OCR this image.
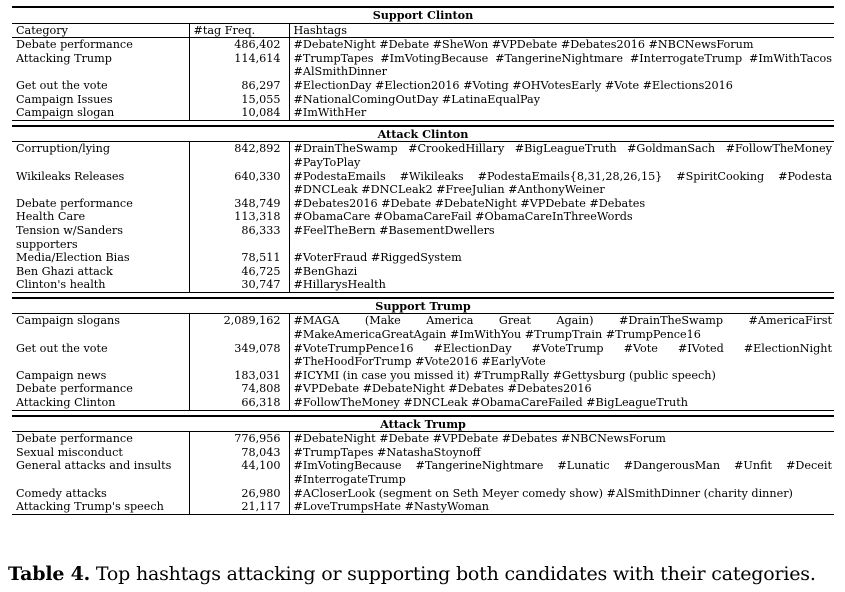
Support Clinton		
Category	#tag Freq.	Hashtags
Debate performance	486,402	#DebateNight #Debate #SheWon #VPDebate #Debates2016 #NBCNewsForum
Attacking Trump	114,614	#TrumpTapes #ImVotingBecause #TangerineNightmare #InterrogateTrump #ImWithTacos #AlSmithDinner
Get out the vote	86,297	#ElectionDay #Election2016 #Voting #OHVotesEarly #Vote #Elections2016
Campaign Issues	15,055	#NationalComingOutDay #LatinaEqualPay
Campaign slogan	10,084	#ImWithHer

Attack Clinton		
Corruption/lying	842,892	#DrainTheSwamp #CrookedHillary #BigLeagueTruth #GoldmanSach #FollowTheMoney #PayToPlay
Wikileaks Releases	640,330	#PodestaEmails #Wikileaks #PodestaEmails{8,31,28,26,15} #SpiritCooking #Podesta #DNCLeak #DNCLeak2 #FreeJulian #AnthonyWeiner
Debate performance	348,749	#Debates2016 #Debate #DebateNight #VPDebate #Debates
Health Care	113,318	#ObamaCare #ObamaCareFail #ObamaCareInThreeWords
Tension w/Sanders supporters	86,333	#FeelTheBern #BasementDwellers
Media/Election Bias	78,511	#VoterFraud #RiggedSystem
Ben Ghazi attack	46,725	#BenGhazi
Clinton's health	30,747	#HillarysHealth

Support Trump		
Campaign slogans	2,089,162	#MAGA (Make America Great Again) #DrainTheSwamp #AmericaFirst #MakeAmericaGreatAgain #ImWithYou #TrumpTrain #TrumpPence16
Get out the vote	349,078	#VoteTrumpPence16 #ElectionDay #VoteTrump #Vote #IVoted #ElectionNight #TheHoodForTrump #Vote2016 #EarlyVote
Campaign news	183,031	#ICYMI (in case you missed it) #TrumpRally #Gettysburg (public speech)
Debate performance	74,808	#VPDebate #DebateNight #Debates #Debates2016
Attacking Clinton	66,318	#FollowTheMoney #DNCLeak #ObamaCareFailed #BigLeagueTruth

Attack Trump		
Debate performance	776,956	#DebateNight #Debate #VPDebate #Debates #NBCNewsForum
Sexual misconduct	78,043	#TrumpTapes #NatashaStoynoff
General attacks and insults	44,100	#ImVotingBecause #TangerineNightmare #Lunatic #DangerousMan #Unfit #Deceit #InterrogateTrump
Comedy attacks	26,980	#ACloserLook (segment on Seth Meyer comedy show) #AlSmithDinner (charity dinner)
Attacking Trump's speech	21,117	#LoveTrumpsHate #NastyWoman
Table 4. Top hashtags attacking or supporting both candidates with their categories.
